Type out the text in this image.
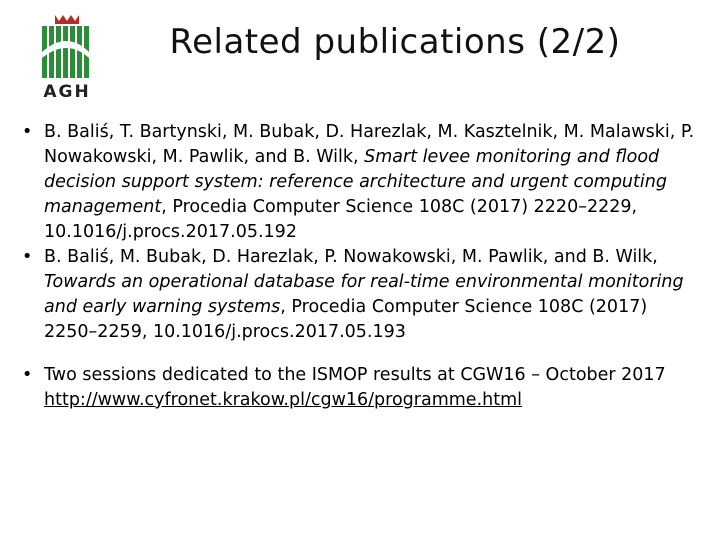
AGH
Related publications (2/2)
• B. Baliś, T. Bartynski, M. Bubak, D. Harezlak, M. Kasztelnik, M. Malawski, P. Nowakowski, M. Pawlik, and B. Wilk, Smart levee monitoring and flood decision support system: reference architecture and urgent computing management, Procedia Computer Science 108C (2017) 2220–2229, 10.1016/j.procs.2017.05.192
• B. Baliś, M. Bubak, D. Harezlak, P. Nowakowski, M. Pawlik, and B. Wilk, Towards an operational database for real-time environmental monitoring and early warning systems, Procedia Computer Science 108C (2017) 2250–2259, 10.1016/j.procs.2017.05.193
• Two sessions dedicated to the ISMOP results at CGW16 – October 2017 http://www.cyfronet.krakow.pl/cgw16/programme.html
